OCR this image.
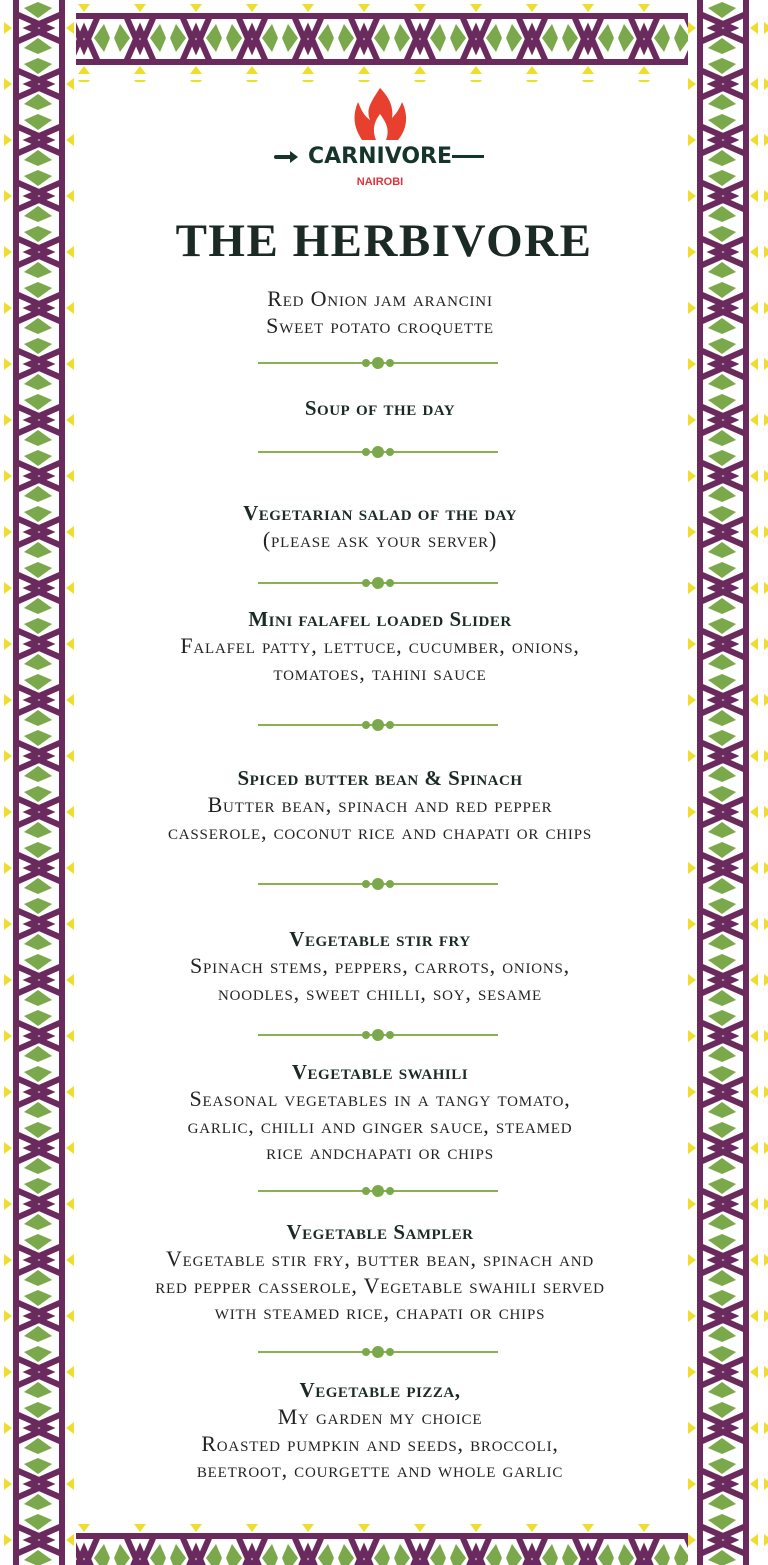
CARNIVORE
NAIROBI
THE HERBIVORE
Red Onion jam arancini
Sweet potato croquette
Soup of the day
Vegetarian salad of the day
(please ask your server)
Mini falafel loaded Slider
Falafel patty, lettuce, cucumber, onions,
tomatoes, tahini sauce
Spiced butter bean & Spinach
Butter bean, spinach and red pepper
casserole, coconut rice and chapati or chips
Vegetable stir fry
Spinach stems, peppers, carrots, onions,
noodles, sweet chilli, soy, sesame
Vegetable swahili
Seasonal vegetables in a tangy tomato,
garlic, chilli and ginger sauce, steamed
rice andchapati or chips
Vegetable Sampler
Vegetable stir fry, butter bean, spinach and
red pepper casserole, Vegetable swahili served
with steamed rice, chapati or chips
Vegetable pizza,
My garden my choice
Roasted pumpkin and seeds, broccoli,
beetroot, courgette and whole garlic
